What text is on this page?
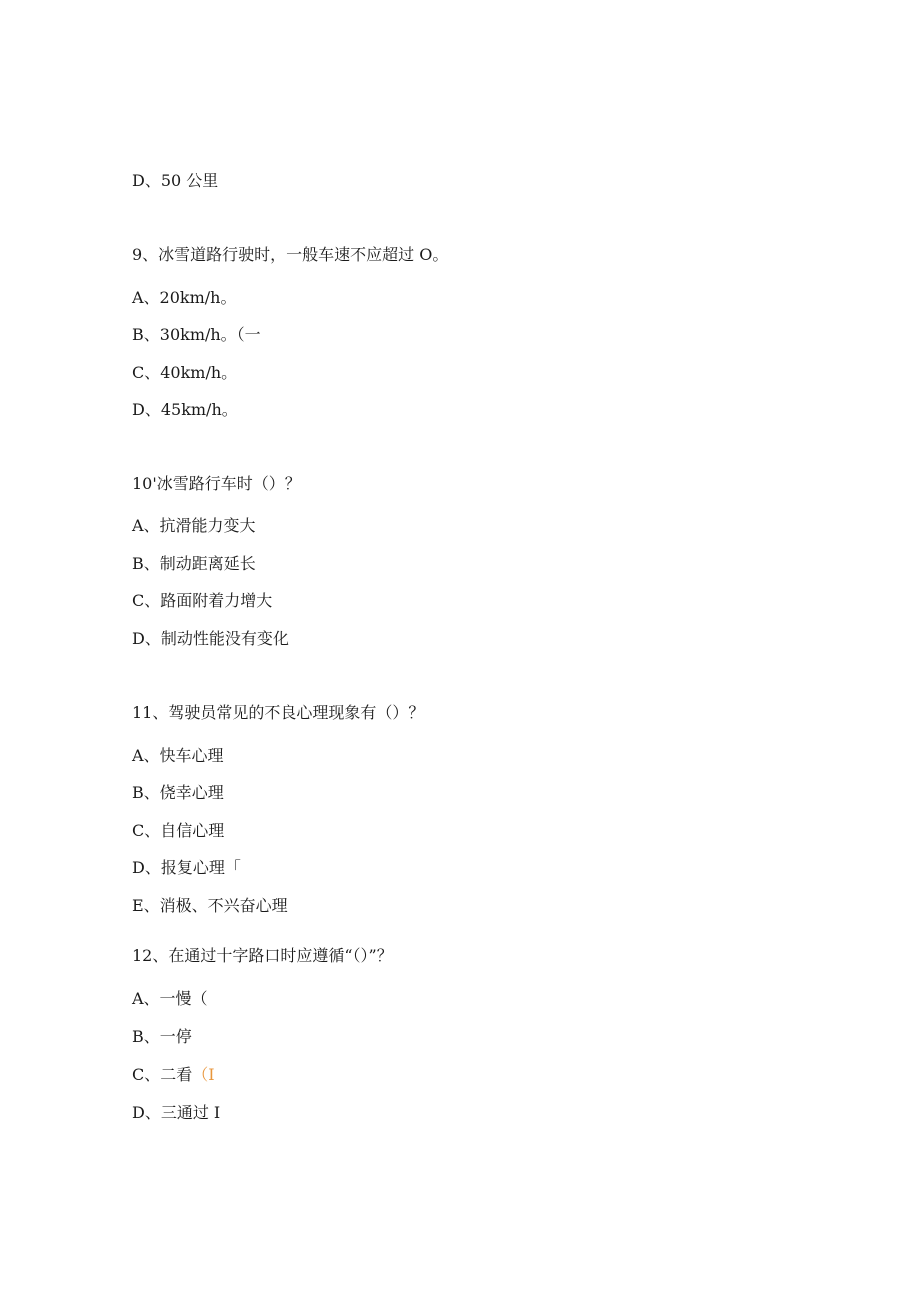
D、50 公里
9、冰雪道路行驶时，一般车速不应超过 O。
A、20km∕h。
B、30km∕h。（一
C、40km∕h。
D、45km/h。
10'冰雪路行车时（）？
A、抗滑能力变大
B、制动距离延长
C、路面附着力增大
D、制动性能没有变化
11、驾驶员常见的不良心理现象有（）？
A、快车心理
B、侥幸心理
C、自信心理
D、报复心理「
E、消极、不兴奋心理
12、在通过十字路口时应遵循“（）”？
A、一慢（
B、一停
C、二看（I
D、三通过 I
